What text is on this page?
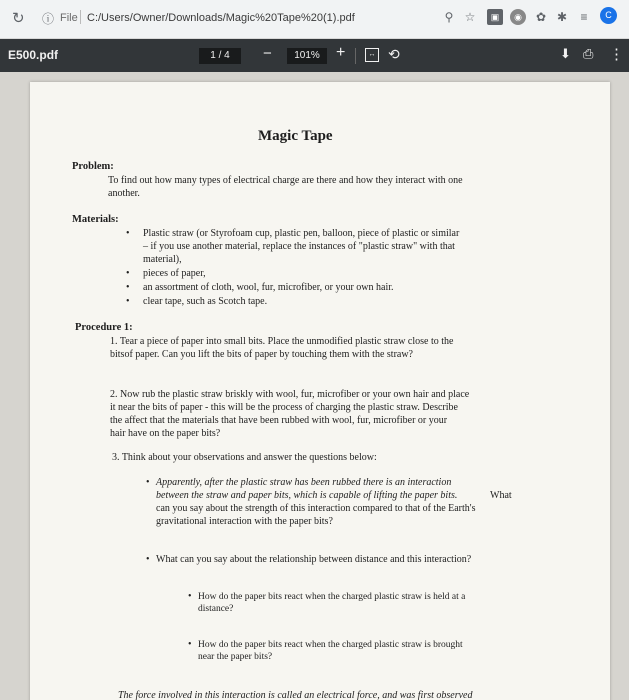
↻ ⓘ File C:/Users/Owner/Downloads/Magic%20Tape%20(1).pdf	⚲ ☆	▣	◉	✿ ✱	≡	C
E500.pdf	1 / 4	−	101%	+	↔ ⟲	⬇ ⎙ ⋮
Magic Tape
Problem:
To find out how many types of electrical charge are there and how they interact with one
another.
Materials:
• Plastic straw (or Styrofoam cup, plastic pen, balloon, piece of plastic or similar
– if you use another material, replace the instances of "plastic straw" with that
material),
• pieces of paper,
• an assortment of cloth, wool, fur, microfiber, or your own hair.
• clear tape, such as Scotch tape.
Procedure 1:
1. Tear a piece of paper into small bits. Place the unmodified plastic straw close to the
bitsof paper. Can you lift the bits of paper by touching them with the straw?
2. Now rub the plastic straw briskly with wool, fur, microfiber or your own hair and place
it near the bits of paper - this will be the process of charging the plastic straw. Describe
the affect that the materials that have been rubbed with wool, fur, microfiber or your
hair have on the paper bits?
3. Think about your observations and answer the questions below:
• Apparently, after the plastic straw has been rubbed there is an interaction
between the straw and paper bits, which is capable of lifting the paper bits.	What
can you say about the strength of this interaction compared to that of the Earth's
gravitational interaction with the paper bits?
• What can you say about the relationship between distance and this interaction?
• How do the paper bits react when the charged plastic straw is held at a
distance?
• How do the paper bits react when the charged plastic straw is brought
near the paper bits?
The force involved in this interaction is called an electrical force, and was first observed
